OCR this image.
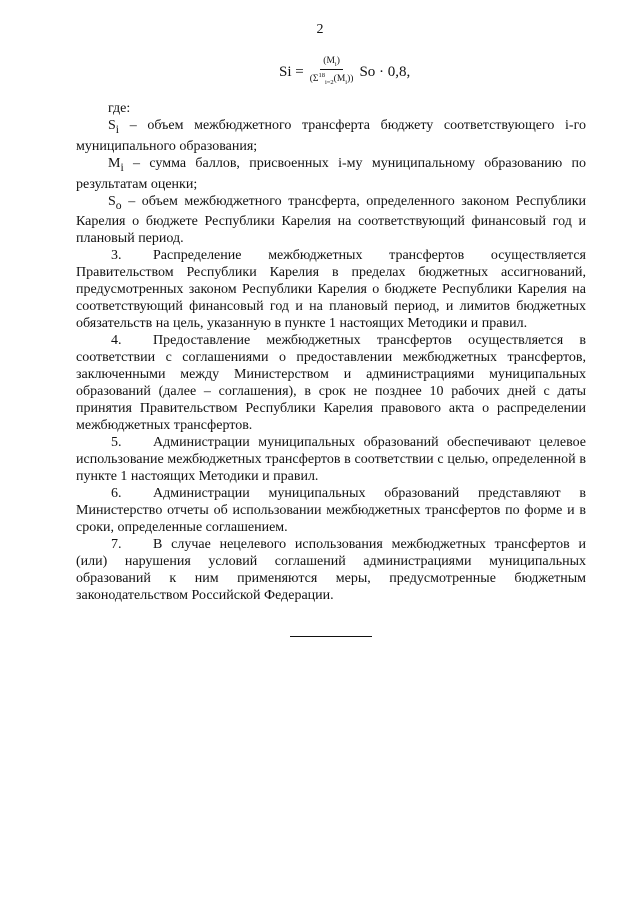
2
$Si = \frac{(M_i)}{(\Sigma^{18}_{i=2}(M_i))}$ So · 0,8,

где:

$S_i$ – объем межбюджетного трансферта бюджету соответствующего i-го муниципального образования;

$M_i$ – сумма баллов, присвоенных i-му муниципальному образованию по результатам оценки;

$S_o$ – объем межбюджетного трансферта, определенного законом Республики Карелия о бюджете Республики Карелия на соответствующий финансовый год и плановый период.

3. Распределение межбюджетных трансфертов осуществляется Правительством Республики Карелия в пределах бюджетных ассигнований, предусмотренных законом Республики Карелия о бюджете Республики Карелия на соответствующий финансовый год и на плановый период, и лимитов бюджетных обязательств на цель, указанную в пункте 1 настоящих Методики и правил.

4. Предоставление межбюджетных трансфертов осуществляется в соответствии с соглашениями о предоставлении межбюджетных трансфертов, заключенными между Министерством и администрациями муниципальных образований (далее – соглашения), в срок не позднее 10 рабочих дней с даты принятия Правительством Республики Карелия правового акта о распределении межбюджетных трансфертов.

5. Администрации муниципальных образований обеспечивают целевое использование межбюджетных трансфертов в соответствии с целью, определенной в пункте 1 настоящих Методики и правил.

6. Администрации муниципальных образований представляют в Министерство отчеты об использовании межбюджетных трансфертов по форме и в сроки, определенные соглашением.

7. В случае нецелевого использования межбюджетных трансфертов и (или) нарушения условий соглашений администрациями муниципальных образований к ним применяются меры, предусмотренные бюджетным законодательством Российской Федерации.
